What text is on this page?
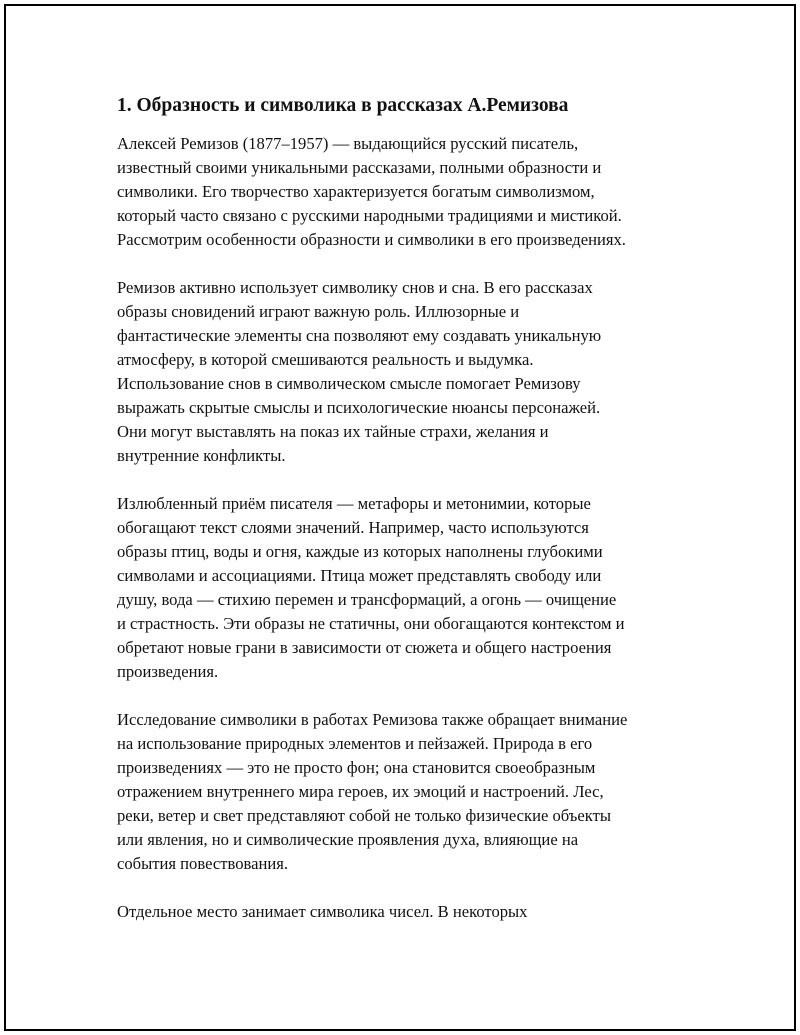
1. Образность и символика в рассказах А.Ремизова

Алексей Ремизов (1877–1957) — выдающийся русский писатель,
известный своими уникальными рассказами, полными образности и
символики. Его творчество характеризуется богатым символизмом,
который часто связано с русскими народными традициями и мистикой.
Рассмотрим особенности образности и символики в его произведениях.

Ремизов активно использует символику снов и сна. В его рассказах
образы сновидений играют важную роль. Иллюзорные и
фантастические элементы сна позволяют ему создавать уникальную
атмосферу, в которой смешиваются реальность и выдумка.
Использование снов в символическом смысле помогает Ремизову
выражать скрытые смыслы и психологические нюансы персонажей.
Они могут выставлять на показ их тайные страхи, желания и
внутренние конфликты.

Излюбленный приём писателя — метафоры и метонимии, которые
обогащают текст слоями значений. Например, часто используются
образы птиц, воды и огня, каждые из которых наполнены глубокими
символами и ассоциациями. Птица может представлять свободу или
душу, вода — стихию перемен и трансформаций, а огонь — очищение
и страстность. Эти образы не статичны, они обогащаются контекстом и
обретают новые грани в зависимости от сюжета и общего настроения
произведения.

Исследование символики в работах Ремизова также обращает внимание
на использование природных элементов и пейзажей. Природа в его
произведениях — это не просто фон; она становится своеобразным
отражением внутреннего мира героев, их эмоций и настроений. Лес,
реки, ветер и свет представляют собой не только физические объекты
или явления, но и символические проявления духа, влияющие на
события повествования.

Отдельное место занимает символика чисел. В некоторых
